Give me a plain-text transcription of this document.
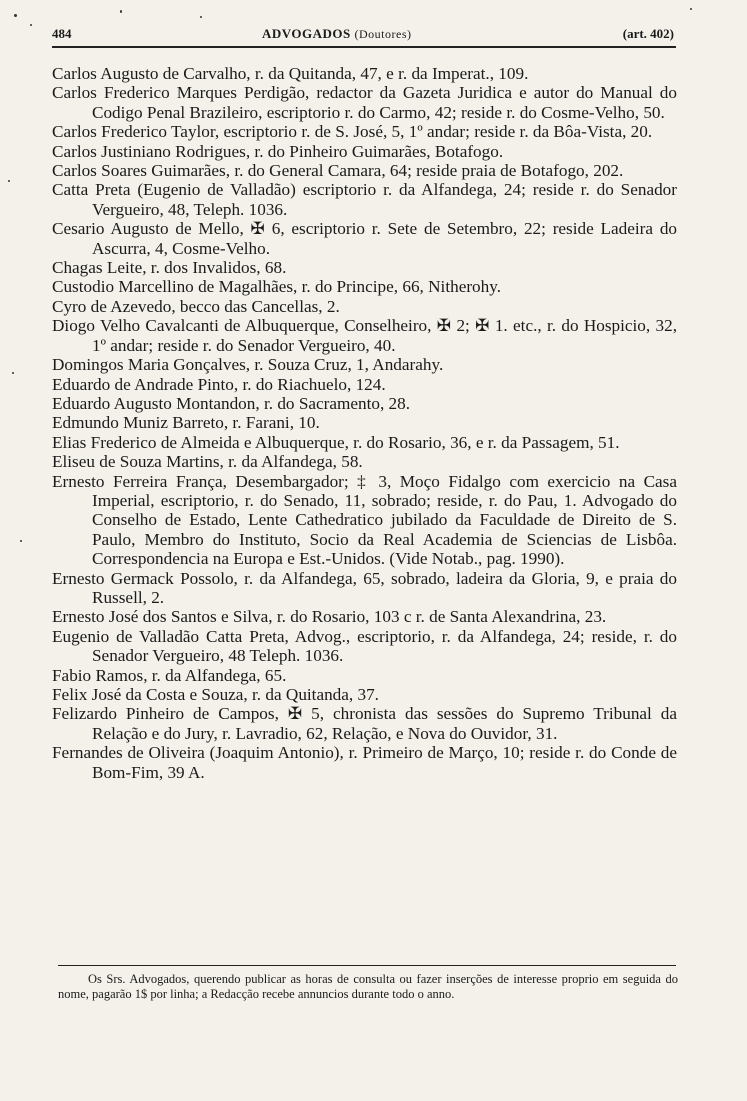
484	ADVOGADOS (Doutores)	(art. 402)

Carlos Augusto de Carvalho, r. da Quitanda, 47, e r. da Imperat., 109.

Carlos Frederico Marques Perdigão, redactor da Gazeta Juridica e autor do Manual do Codigo Penal Brazileiro, escriptorio r. do Carmo, 42; reside r. do Cosme-Velho, 50.

Carlos Frederico Taylor, escriptorio r. de S. José, 5, 1º andar; reside r. da Bôa-Vista, 20.

Carlos Justiniano Rodrigues, r. do Pinheiro Guimarães, Botafogo.

Carlos Soares Guimarães, r. do General Camara, 64; reside praia de Botafogo, 202.

Catta Preta (Eugenio de Valladão) escriptorio r. da Alfandega, 24; reside r. do Senador Vergueiro, 48, Teleph. 1036.

Cesario Augusto de Mello, ✠ 6, escriptorio r. Sete de Setembro, 22; reside Ladeira do Ascurra, 4, Cosme-Velho.

Chagas Leite, r. dos Invalidos, 68.

Custodio Marcellino de Magalhães, r. do Principe, 66, Nitherohy.

Cyro de Azevedo, becco das Cancellas, 2.

Diogo Velho Cavalcanti de Albuquerque, Conselheiro, ✠ 2; ✠ 1. etc., r. do Hospicio, 32, 1º andar; reside r. do Senador Vergueiro, 40.

Domingos Maria Gonçalves, r. Souza Cruz, 1, Andarahy.

Eduardo de Andrade Pinto, r. do Riachuelo, 124.

Eduardo Augusto Montandon, r. do Sacramento, 28.

Edmundo Muniz Barreto, r. Farani, 10.

Elias Frederico de Almeida e Albuquerque, r. do Rosario, 36, e r. da Passagem, 51.

Eliseu de Souza Martins, r. da Alfandega, 58.

Ernesto Ferreira França, Desembargador; ‡ 3, Moço Fidalgo com exercicio na Casa Imperial, escriptorio, r. do Senado, 11, sobrado; reside, r. do Pau, 1. Advogado do Conselho de Estado, Lente Cathedratico jubilado da Faculdade de Direito de S. Paulo, Membro do Instituto, Socio da Real Academia de Sciencias de Lisbôa. Correspondencia na Europa e Est.-Unidos. (Vide Notab., pag. 1990).

Ernesto Germack Possolo, r. da Alfandega, 65, sobrado, ladeira da Gloria, 9, e praia do Russell, 2.

Ernesto José dos Santos e Silva, r. do Rosario, 103 c r. de Santa Alexandrina, 23.

Eugenio de Valladão Catta Preta, Advog., escriptorio, r. da Alfandega, 24; reside, r. do Senador Vergueiro, 48 Teleph. 1036.

Fabio Ramos, r. da Alfandega, 65.

Felix José da Costa e Souza, r. da Quitanda, 37.

Felizardo Pinheiro de Campos, ✠ 5, chronista das sessões do Supremo Tribunal da Relação e do Jury, r. Lavradio, 62, Relação, e Nova do Ouvidor, 31.

Fernandes de Oliveira (Joaquim Antonio), r. Primeiro de Março, 10; reside r. do Conde de Bom-Fim, 39 A.

Os Srs. Advogados, querendo publicar as horas de consulta ou fazer inserções de interesse proprio em seguida do nome, pagarão 1$ por linha; a Redacção recebe annuncios durante todo o anno.
